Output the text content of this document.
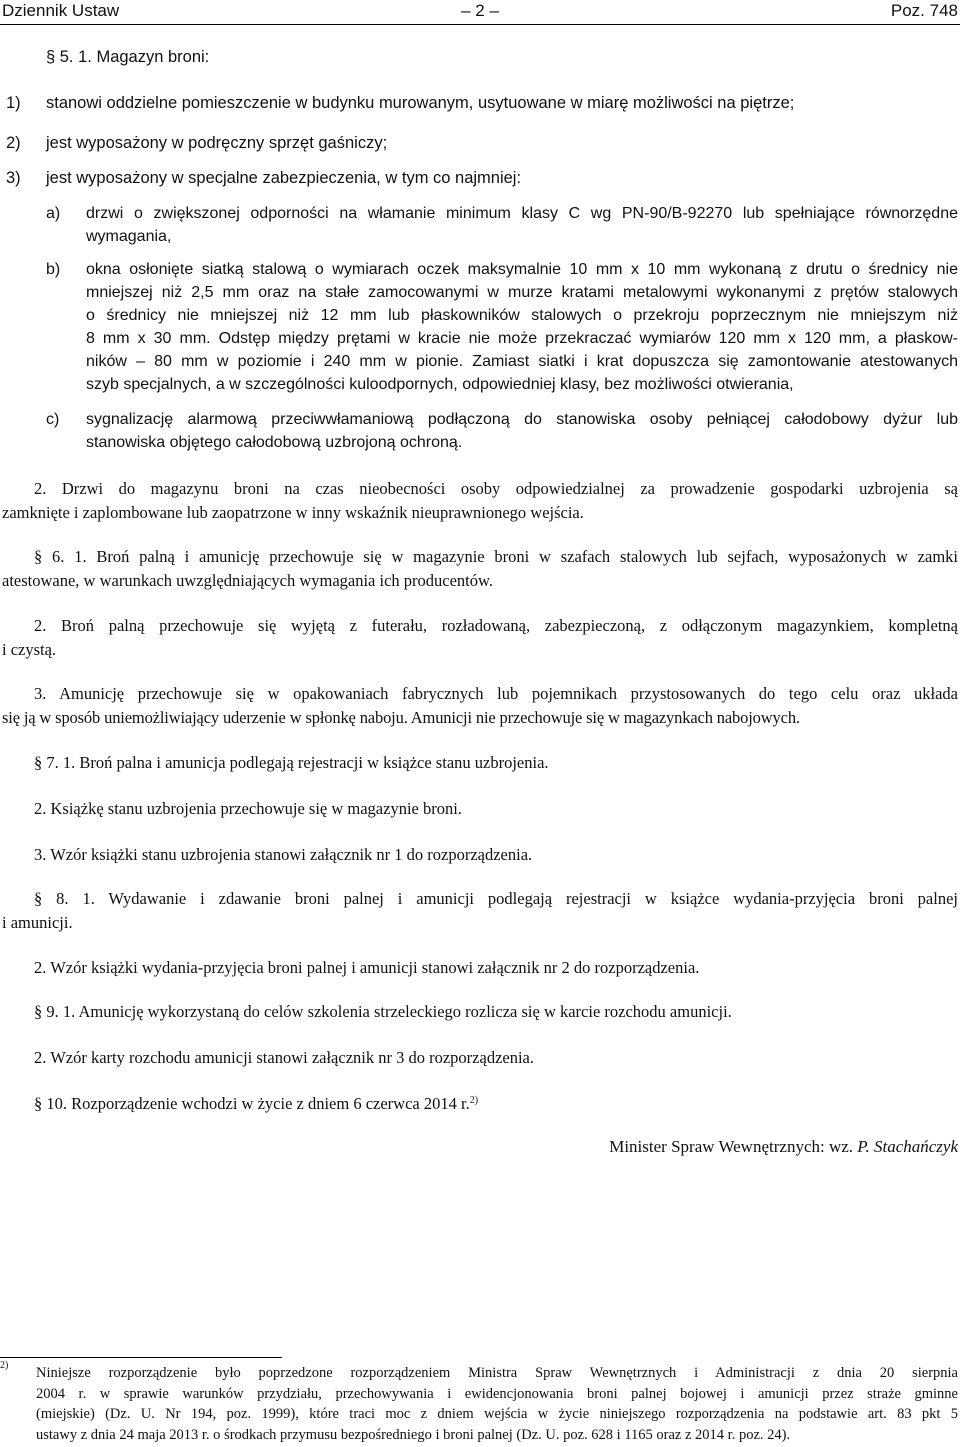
Dziennik Ustaw	– 2 –	Poz. 748
§ 5. 1. Magazyn broni:
1) stanowi oddzielne pomieszczenie w budynku murowanym, usytuowane w miarę możliwości na piętrze;
2) jest wyposażony w podręczny sprzęt gaśniczy;
3) jest wyposażony w specjalne zabezpieczenia, w tym co najmniej:
a) drzwi o zwiększonej odporności na włamanie minimum klasy C wg PN-90/B-92270 lub spełniające równorzędne
wymagania,
b) okna osłonięte siatką stalową o wymiarach oczek maksymalnie 10 mm x 10 mm wykonaną z drutu o średnicy nie
mniejszej niż 2,5 mm oraz na stałe zamocowanymi w murze kratami metalowymi wykonanymi z prętów stalowych
o średnicy nie mniejszej niż 12 mm lub płaskowników stalowych o przekroju poprzecznym nie mniejszym niż
8 mm x 30 mm. Odstęp między prętami w kracie nie może przekraczać wymiarów 120 mm x 120 mm, a płaskow-
ników – 80 mm w poziomie i 240 mm w pionie. Zamiast siatki i krat dopuszcza się zamontowanie atestowanych
szyb specjalnych, a w szczególności kuloodpornych, odpowiedniej klasy, bez możliwości otwierania,
c) sygnalizację alarmową przeciwwłamaniową podłączoną do stanowiska osoby pełniącej całodobowy dyżur lub
stanowiska objętego całodobową uzbrojoną ochroną.
2. Drzwi do magazynu broni na czas nieobecności osoby odpowiedzialnej za prowadzenie gospodarki uzbrojenia są
zamknięte i zaplombowane lub zaopatrzone w inny wskaźnik nieuprawnionego wejścia.
§ 6. 1. Broń palną i amunicję przechowuje się w magazynie broni w szafach stalowych lub sejfach, wyposażonych w zamki
atestowane, w warunkach uwzględniających wymagania ich producentów.
2. Broń palną przechowuje się wyjętą z futerału, rozładowaną, zabezpieczoną, z odłączonym magazynkiem, kompletną
i czystą.
3. Amunicję przechowuje się w opakowaniach fabrycznych lub pojemnikach przystosowanych do tego celu oraz układa
się ją w sposób uniemożliwiający uderzenie w spłonkę naboju. Amunicji nie przechowuje się w magazynkach nabojowych.
§ 7. 1. Broń palna i amunicja podlegają rejestracji w książce stanu uzbrojenia.
2. Książkę stanu uzbrojenia przechowuje się w magazynie broni.
3. Wzór książki stanu uzbrojenia stanowi załącznik nr 1 do rozporządzenia.
§ 8. 1. Wydawanie i zdawanie broni palnej i amunicji podlegają rejestracji w książce wydania-przyjęcia broni palnej
i amunicji.
2. Wzór książki wydania-przyjęcia broni palnej i amunicji stanowi załącznik nr 2 do rozporządzenia.
§ 9. 1. Amunicję wykorzystaną do celów szkolenia strzeleckiego rozlicza się w karcie rozchodu amunicji.
2. Wzór karty rozchodu amunicji stanowi załącznik nr 3 do rozporządzenia.
§ 10. Rozporządzenie wchodzi w życie z dniem 6 czerwca 2014 r.$^{2)}$
Minister Spraw Wewnętrznych: wz. P. Stachańczyk
2) Niniejsze rozporządzenie było poprzedzone rozporządzeniem Ministra Spraw Wewnętrznych i Administracji z dnia 20 sierpnia
2004 r. w sprawie warunków przydziału, przechowywania i ewidencjonowania broni palnej bojowej i amunicji przez straże gminne
(miejskie) (Dz. U. Nr 194, poz. 1999), które traci moc z dniem wejścia w życie niniejszego rozporządzenia na podstawie art. 83 pkt 5
ustawy z dnia 24 maja 2013 r. o środkach przymusu bezpośredniego i broni palnej (Dz. U. poz. 628 i 1165 oraz z 2014 r. poz. 24).
